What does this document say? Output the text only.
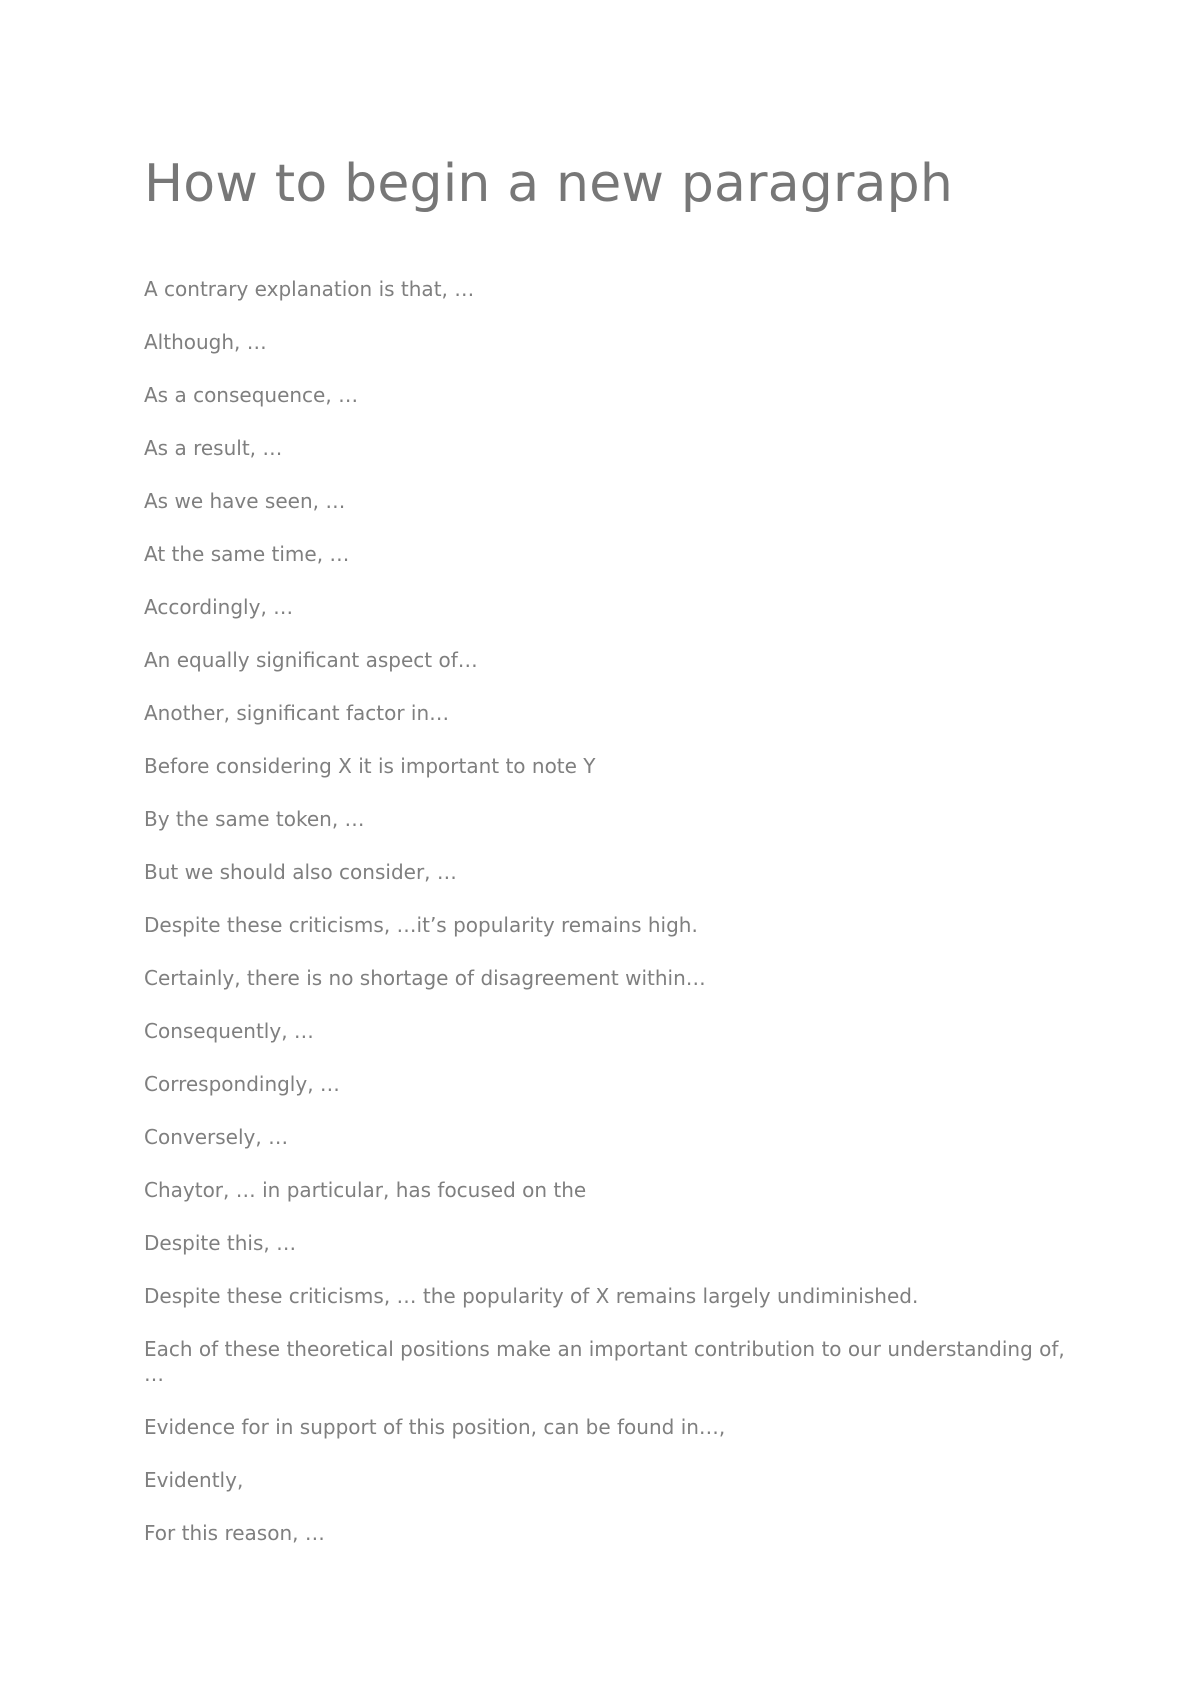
How to begin a new paragraph
A contrary explanation is that, …
Although, …
As a consequence, …
As a result, …
As we have seen, …
At the same time, …
Accordingly, …
An equally significant aspect of…
Another, significant factor in…
Before considering X it is important to note Y
By the same token, …
But we should also consider, …
Despite these criticisms, …it’s popularity remains high.
Certainly, there is no shortage of disagreement within…
Consequently, …
Correspondingly, …
Conversely, …
Chaytor, … in particular, has focused on the
Despite this, …
Despite these criticisms, … the popularity of X remains largely undiminished.
Each of these theoretical positions make an important contribution to our understanding of, …
Evidence for in support of this position, can be found in…,
Evidently,
For this reason, …
